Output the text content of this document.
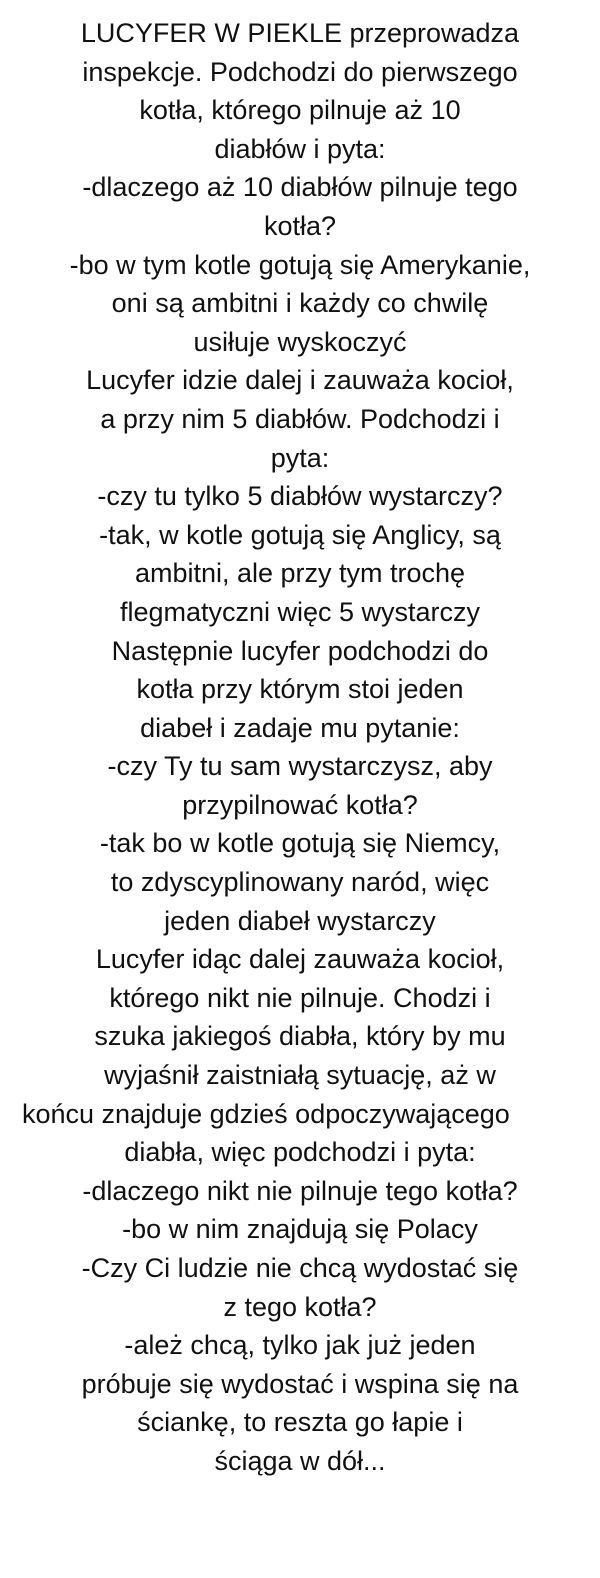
LUCYFER W PIEKLE przeprowadza
inspekcje. Podchodzi do pierwszego
kotła, którego pilnuje aż 10
diabłów i pyta:
-dlaczego aż 10 diabłów pilnuje tego
kotła?
-bo w tym kotle gotują się Amerykanie,
oni są ambitni i każdy co chwilę
usiłuje wyskoczyć
Lucyfer idzie dalej i zauważa kocioł,
a przy nim 5 diabłów. Podchodzi i
pyta:
-czy tu tylko 5 diabłów wystarczy?
-tak, w kotle gotują się Anglicy, są
ambitni, ale przy tym trochę
flegmatyczni więc 5 wystarczy
Następnie lucyfer podchodzi do
kotła przy którym stoi jeden
diabeł i zadaje mu pytanie:
-czy Ty tu sam wystarczysz, aby
przypilnować kotła?
-tak bo w kotle gotują się Niemcy,
to zdyscyplinowany naród, więc
jeden diabeł wystarczy
Lucyfer idąc dalej zauważa kocioł,
którego nikt nie pilnuje. Chodzi i
szuka jakiegoś diabła, który by mu
wyjaśnił zaistniałą sytuację, aż w
końcu znajduje gdzieś odpoczywającego
diabła, więc podchodzi i pyta:
-dlaczego nikt nie pilnuje tego kotła?
-bo w nim znajdują się Polacy
-Czy Ci ludzie nie chcą wydostać się
z tego kotła?
-ależ chcą, tylko jak już jeden
próbuje się wydostać i wspina się na
ściankę, to reszta go łapie i
ściąga w dół...
